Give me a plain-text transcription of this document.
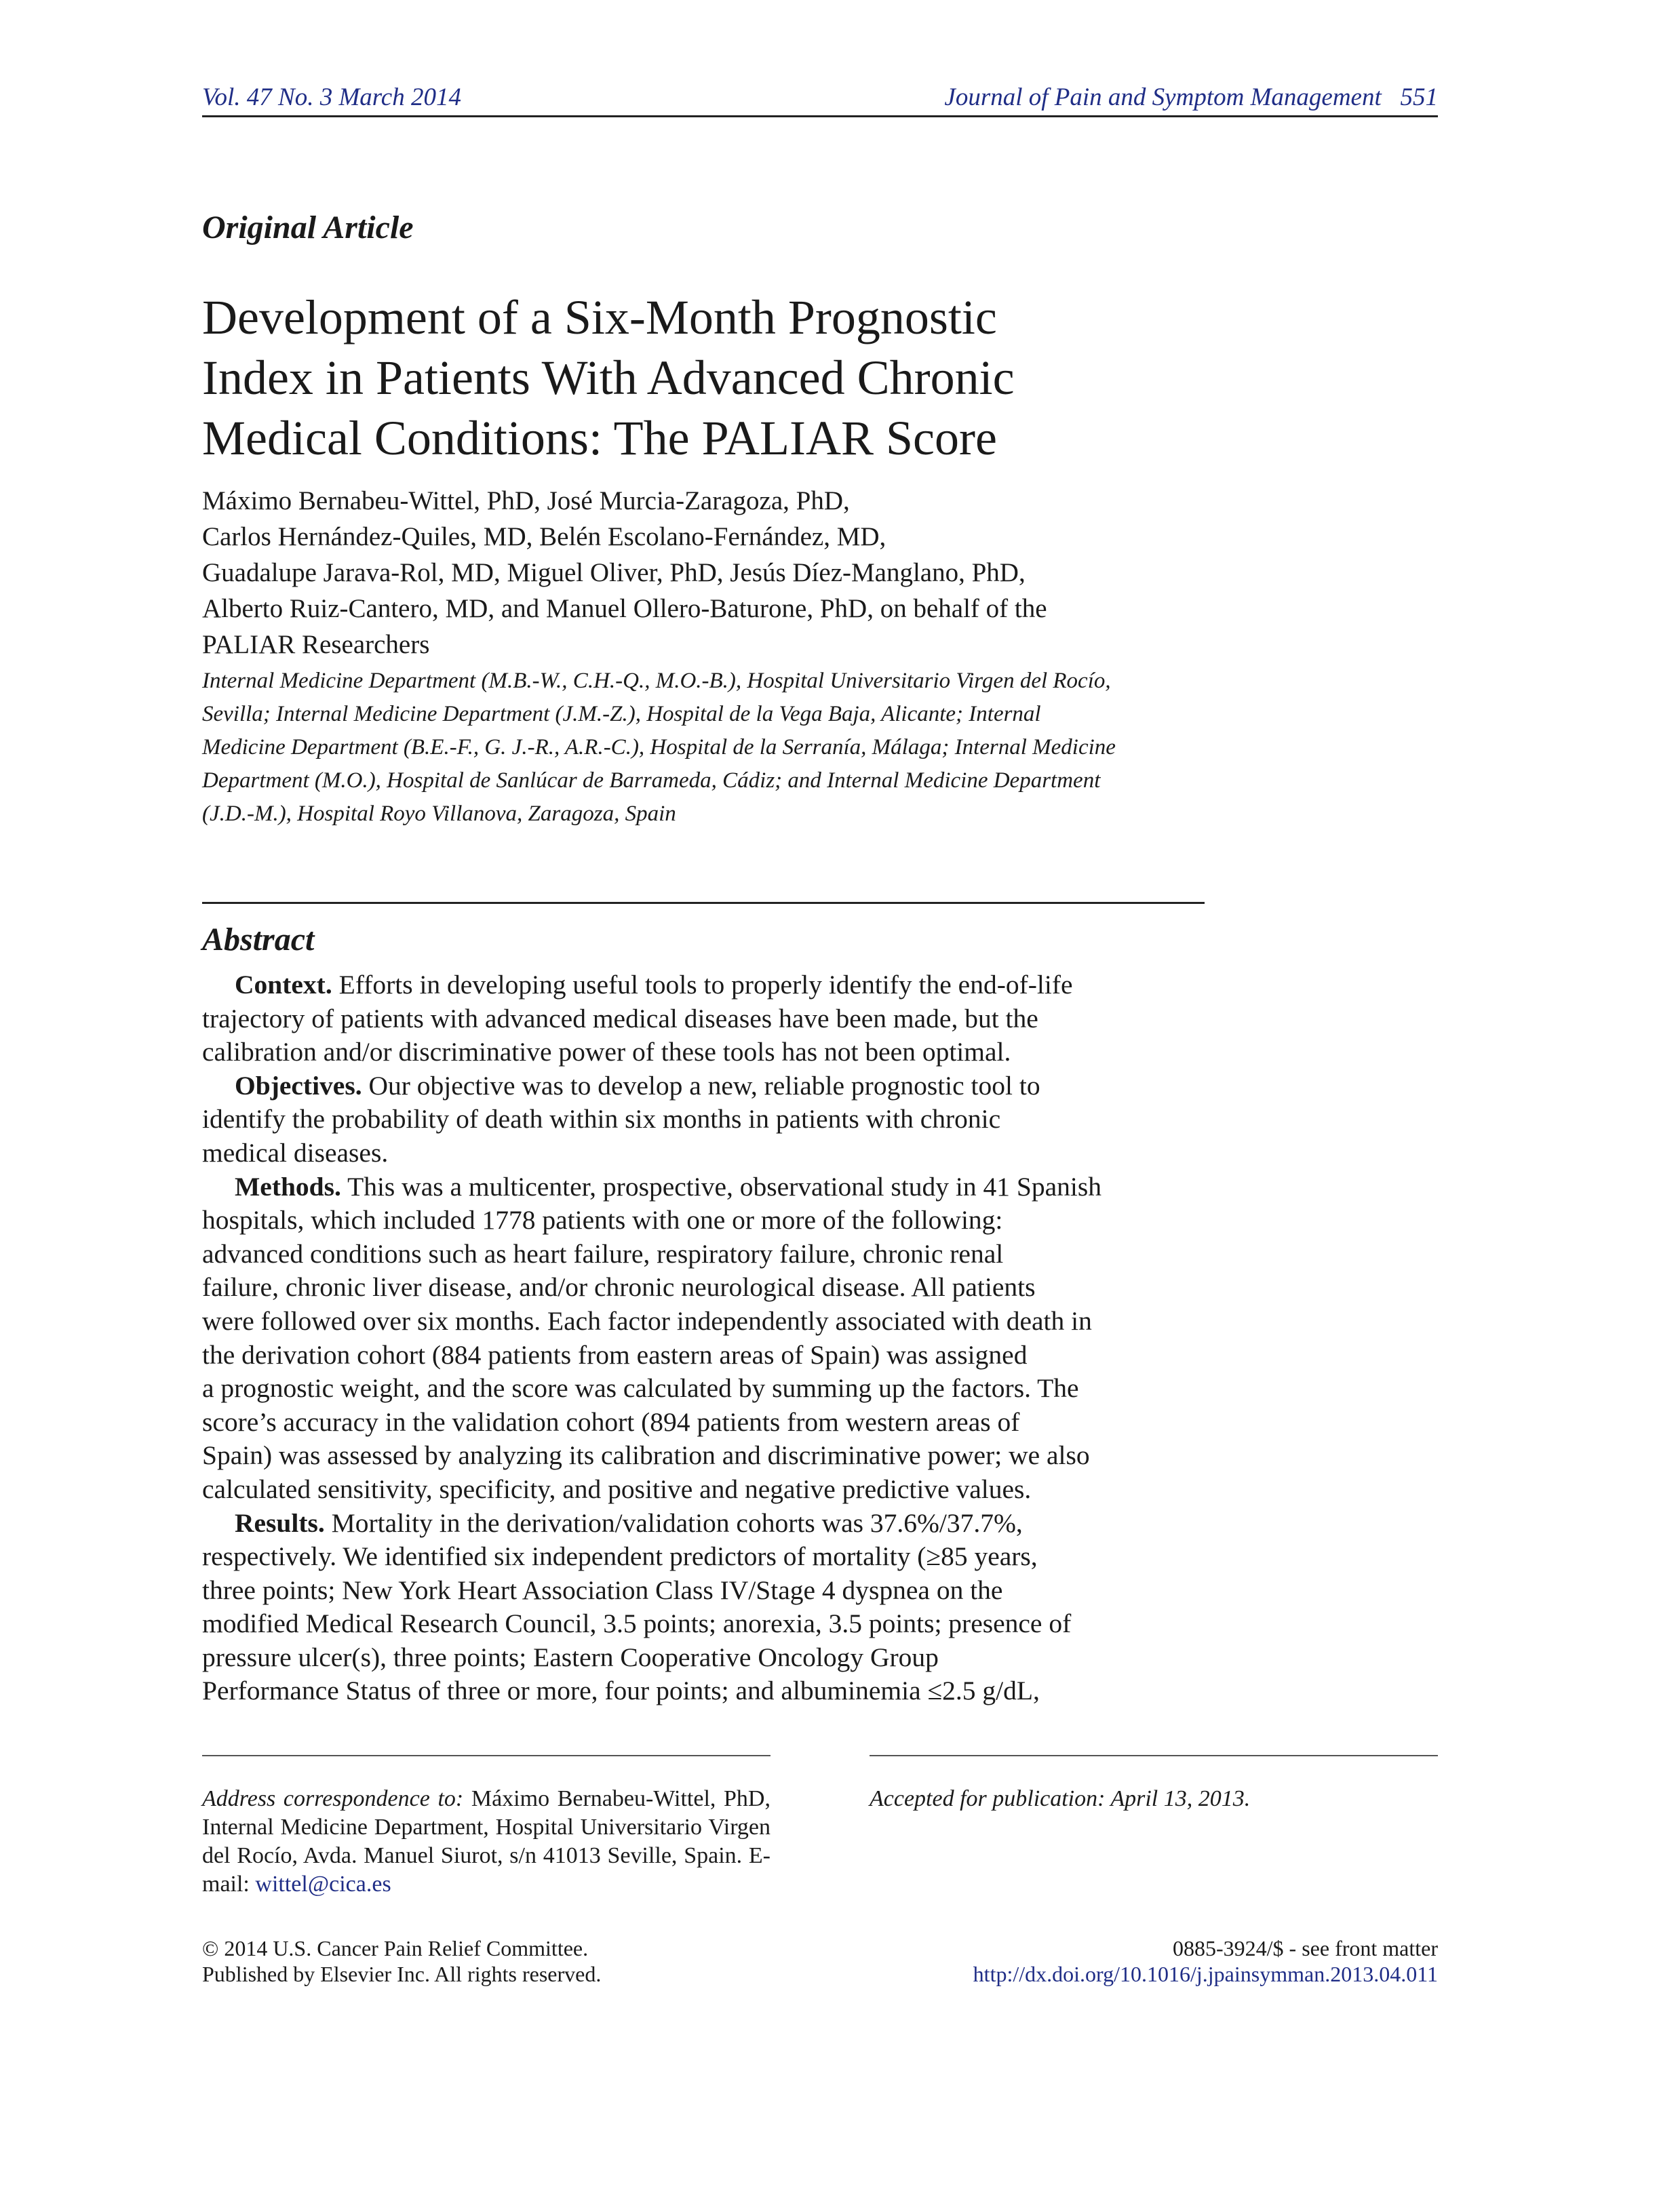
Vol. 47 No. 3 March 2014	Journal of Pain and Symptom Management 551
Original Article
Development of a Six-Month Prognostic
Index in Patients With Advanced Chronic
Medical Conditions: The PALIAR Score
Máximo Bernabeu-Wittel, PhD, José Murcia-Zaragoza, PhD,
Carlos Hernández-Quiles, MD, Belén Escolano-Fernández, MD,
Guadalupe Jarava-Rol, MD, Miguel Oliver, PhD, Jesús Díez-Manglano, PhD,
Alberto Ruiz-Cantero, MD, and Manuel Ollero-Baturone, PhD, on behalf of the
PALIAR Researchers
Internal Medicine Department (M.B.-W., C.H.-Q., M.O.-B.), Hospital Universitario Virgen del Rocío,
Sevilla; Internal Medicine Department (J.M.-Z.), Hospital de la Vega Baja, Alicante; Internal
Medicine Department (B.E.-F., G. J.-R., A.R.-C.), Hospital de la Serranía, Málaga; Internal Medicine
Department (M.O.), Hospital de Sanlúcar de Barrameda, Cádiz; and Internal Medicine Department
(J.D.-M.), Hospital Royo Villanova, Zaragoza, Spain
Abstract

Context. Efforts in developing useful tools to properly identify the end-of-life
trajectory of patients with advanced medical diseases have been made, but the
calibration and/or discriminative power of these tools has not been optimal.

Objectives. Our objective was to develop a new, reliable prognostic tool to
identify the probability of death within six months in patients with chronic
medical diseases.

Methods. This was a multicenter, prospective, observational study in 41 Spanish
hospitals, which included 1778 patients with one or more of the following:
advanced conditions such as heart failure, respiratory failure, chronic renal
failure, chronic liver disease, and/or chronic neurological disease. All patients
were followed over six months. Each factor independently associated with death in
the derivation cohort (884 patients from eastern areas of Spain) was assigned
a prognostic weight, and the score was calculated by summing up the factors. The
score’s accuracy in the validation cohort (894 patients from western areas of
Spain) was assessed by analyzing its calibration and discriminative power; we also
calculated sensitivity, specificity, and positive and negative predictive values.

Results. Mortality in the derivation/validation cohorts was 37.6%/37.7%,
respectively. We identified six independent predictors of mortality (≥85 years,
three points; New York Heart Association Class IV/Stage 4 dyspnea on the
modified Medical Research Council, 3.5 points; anorexia, 3.5 points; presence of
pressure ulcer(s), three points; Eastern Cooperative Oncology Group
Performance Status of three or more, four points; and albuminemia ≤2.5 g/dL,

Address correspondence to: Máximo Bernabeu-Wittel, PhD, Internal Medicine Department, Hospital Universitario Virgen del Rocío, Avda. Manuel Siurot, s/n 41013 Seville, Spain. E-mail: wittel@cica.es
Accepted for publication: April 13, 2013.
© 2014 U.S. Cancer Pain Relief Committee.
Published by Elsevier Inc. All rights reserved.
0885-3924/$ - see front matter
http://dx.doi.org/10.1016/j.jpainsymman.2013.04.011
